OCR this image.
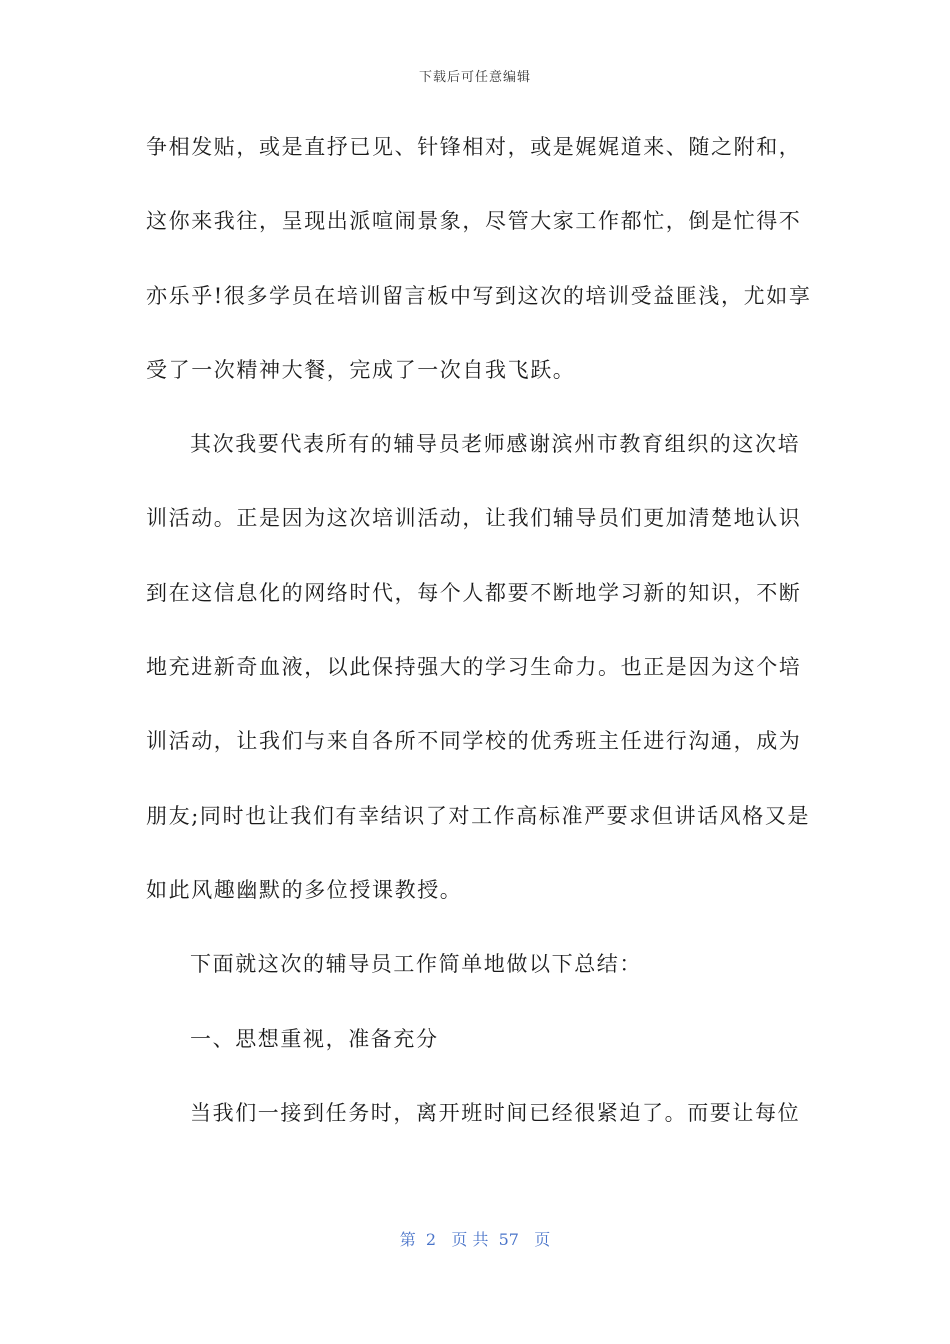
下载后可任意编辑
争相发贴，或是直抒已见、针锋相对，或是娓娓道来、随之附和，
这你来我往，呈现出派喧闹景象，尽管大家工作都忙，倒是忙得不
亦乐乎!很多学员在培训留言板中写到这次的培训受益匪浅，尤如享
受了一次精神大餐，完成了一次自我飞跃。
其次我要代表所有的辅导员老师感谢滨州市教育组织的这次培
训活动。正是因为这次培训活动，让我们辅导员们更加清楚地认识
到在这信息化的网络时代，每个人都要不断地学习新的知识，不断
地充进新奇血液，以此保持强大的学习生命力。也正是因为这个培
训活动，让我们与来自各所不同学校的优秀班主任进行沟通，成为
朋友;同时也让我们有幸结识了对工作高标准严要求但讲话风格又是
如此风趣幽默的多位授课教授。
下面就这次的辅导员工作简单地做以下总结：
一、思想重视，准备充分
当我们一接到任务时，离开班时间已经很紧迫了。而要让每位
第  2   页 共  57   页
